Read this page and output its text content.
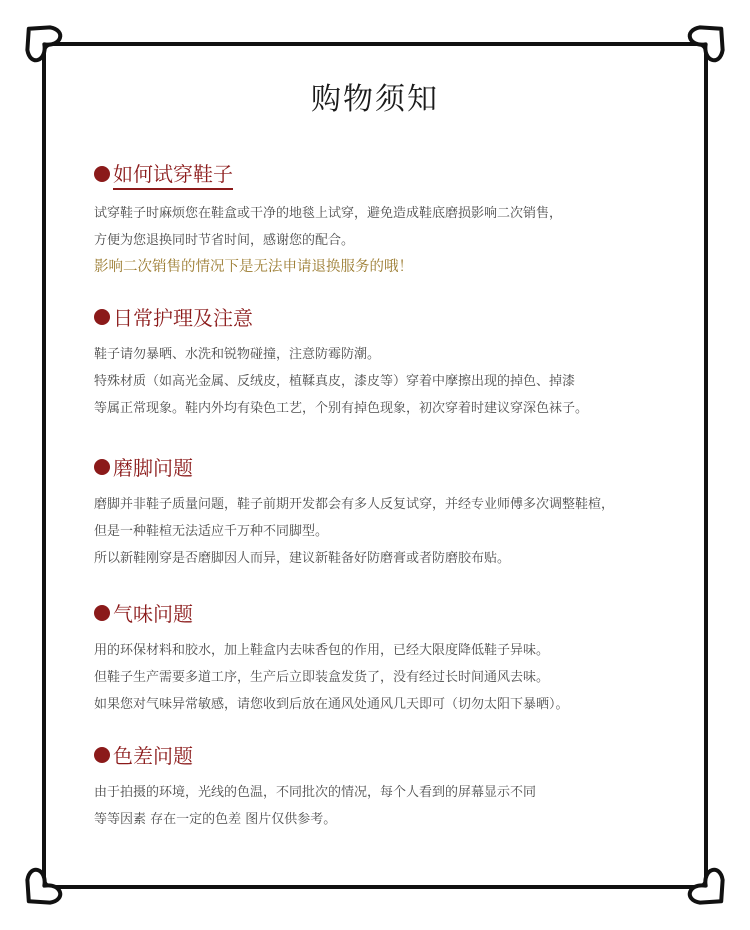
购物须知
如何试穿鞋子
试穿鞋子时麻烦您在鞋盒或干净的地毯上试穿，避免造成鞋底磨损影响二次销售，
方便为您退换同时节省时间，感谢您的配合。
影响二次销售的情况下是无法申请退换服务的哦！
日常护理及注意
鞋子请勿暴晒、水洗和锐物碰撞，注意防霉防潮。
特殊材质（如高光金属、反绒皮，植鞣真皮，漆皮等）穿着中摩擦出现的掉色、掉漆
等属正常现象。鞋内外均有染色工艺，个别有掉色现象，初次穿着时建议穿深色袜子。
磨脚问题
磨脚并非鞋子质量问题，鞋子前期开发都会有多人反复试穿，并经专业师傅多次调整鞋楦，
但是一种鞋楦无法适应千万种不同脚型。
所以新鞋刚穿是否磨脚因人而异，建议新鞋备好防磨膏或者防磨胶布贴。
气味问题
用的环保材料和胶水，加上鞋盒内去味香包的作用，已经大限度降低鞋子异味。
但鞋子生产需要多道工序，生产后立即装盒发货了，没有经过长时间通风去味。
如果您对气味异常敏感，请您收到后放在通风处通风几天即可（切勿太阳下暴晒）。
色差问题
由于拍摄的环境，光线的色温，不同批次的情况，每个人看到的屏幕显示不同
等等因素 存在一定的色差 图片仅供参考。
